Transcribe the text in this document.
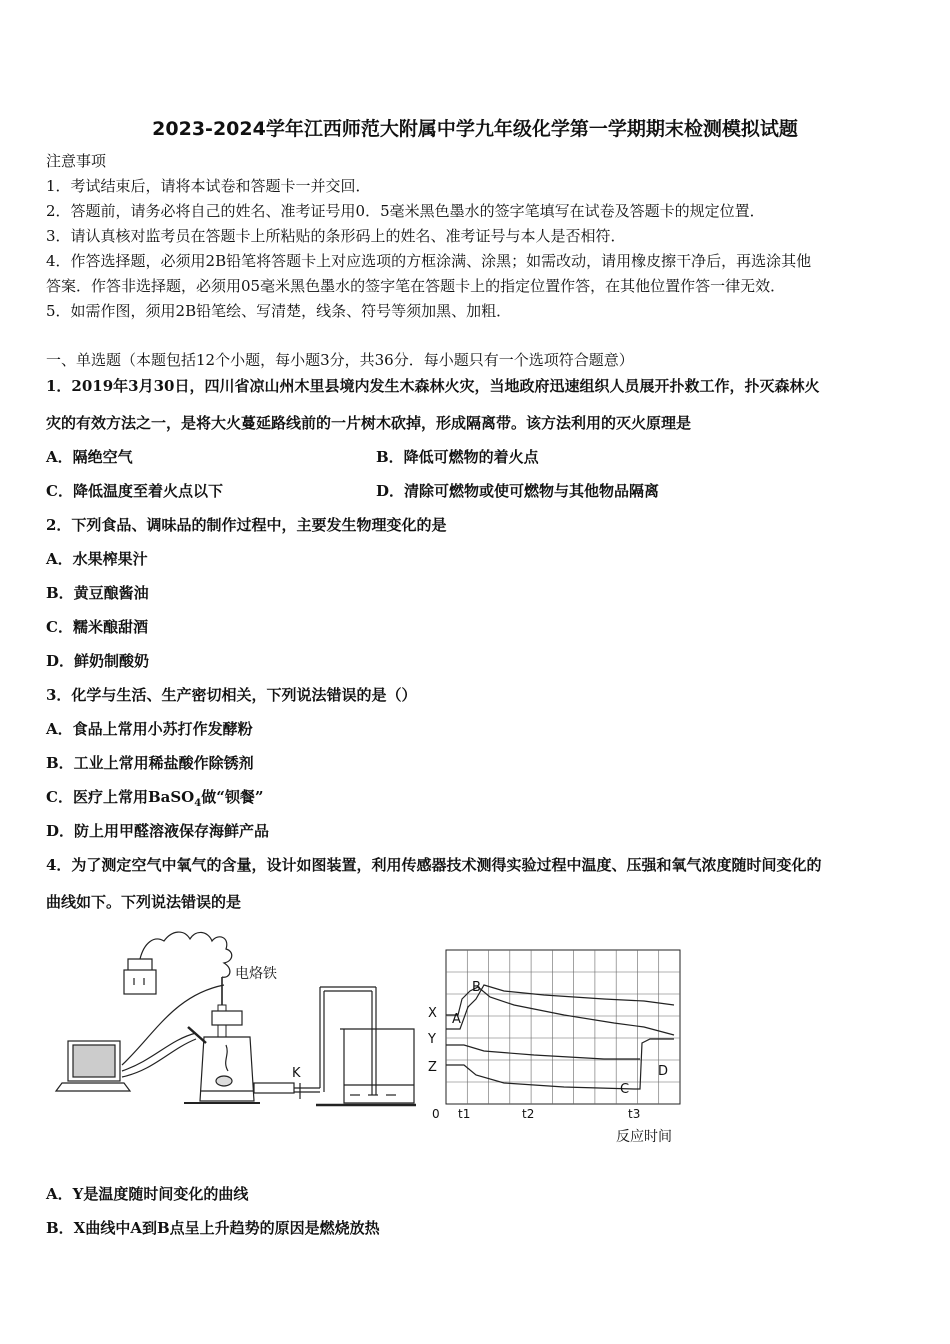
2023-2024学年江西师范大附属中学九年级化学第一学期期末检测模拟试题
注意事项
1．考试结束后，请将本试卷和答题卡一并交回．
2．答题前，请务必将自己的姓名、准考证号用0．5毫米黑色墨水的签字笔填写在试卷及答题卡的规定位置．
3．请认真核对监考员在答题卡上所粘贴的条形码上的姓名、准考证号与本人是否相符．
4．作答选择题，必须用2B铅笔将答题卡上对应选项的方框涂满、涂黑；如需改动，请用橡皮擦干净后，再选涂其他
答案．作答非选择题，必须用05毫米黑色墨水的签字笔在答题卡上的指定位置作答，在其他位置作答一律无效．
5．如需作图，须用2B铅笔绘、写清楚，线条、符号等须加黑、加粗．
一、单选题（本题包括12个小题，每小题3分，共36分．每小题只有一个选项符合题意）
1．2019年3月30日，四川省凉山州木里县境内发生木森林火灾，当地政府迅速组织人员展开扑救工作，扑灭森林火
灾的有效方法之一，是将大火蔓延路线前的一片树木砍掉，形成隔离带。该方法利用的灭火原理是
A．隔绝空气	B．降低可燃物的着火点
C．降低温度至着火点以下	D．清除可燃物或使可燃物与其他物品隔离
2．下列食品、调味品的制作过程中，主要发生物理变化的是
A．水果榨果汁
B．黄豆酿酱油
C．糯米酿甜酒
D．鲜奶制酸奶
3．化学与生活、生产密切相关，下列说法错误的是（）
A．食品上常用小苏打作发酵粉
B．工业上常用稀盐酸作除锈剂
C．医疗上常用BaSO$_4$做“钡餐”
D．防上用甲醛溶液保存海鲜产品
4．为了测定空气中氧气的含量，设计如图装置，利用传感器技术测得实验过程中温度、压强和氧气浓度随时间变化的
曲线如下。下列说法错误的是
电烙铁
K
X
Y
Z
A
B
C
D
0 t1	t2	t3
反应时间
A．Y是温度随时间变化的曲线
B．X曲线中A到B点呈上升趋势的原因是燃烧放热
